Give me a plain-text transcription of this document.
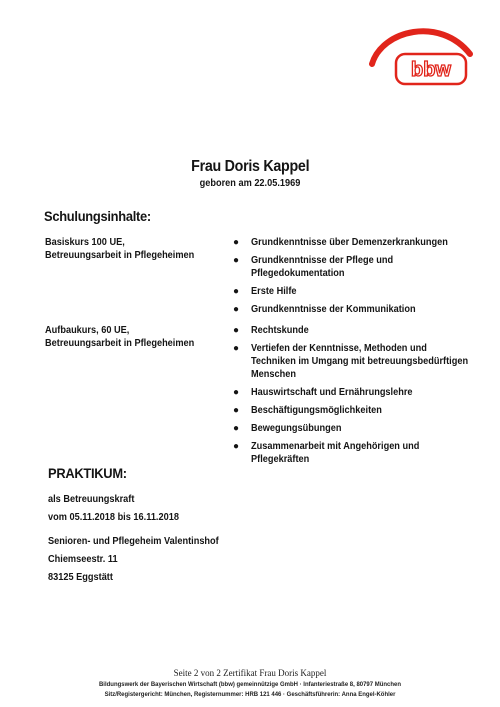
bbw
Frau Doris Kappel
geboren am 22.05.1969
Schulungsinhalte:
Basiskurs 100 UE, Betreuungsarbeit in Pflegeheimen
● Grundkenntnisse über Demenzerkrankungen
● Grundkenntnisse der Pflege und Pflegedokumentation
● Erste Hilfe
● Grundkenntnisse der Kommunikation
Aufbaukurs, 60 UE, Betreuungsarbeit in Pflegeheimen
● Rechtskunde
● Vertiefen der Kenntnisse, Methoden und Techniken im Umgang mit betreuungsbedürftigen Menschen
● Hauswirtschaft und Ernährungslehre
● Beschäftigungsmöglichkeiten
● Bewegungsübungen
● Zusammenarbeit mit Angehörigen und Pflegekräften
PRAKTIKUM:
als Betreuungskraft
vom 05.11.2018 bis 16.11.2018
Senioren- und Pflegeheim Valentinshof
Chiemseestr. 11
83125 Eggstätt
Seite 2 von 2 Zertifikat Frau Doris Kappel
Bildungswerk der Bayerischen Wirtschaft (bbw) gemeinnützige GmbH · Infanteriestraße 8, 80797 München
Sitz/Registergericht: München, Registernummer: HRB 121 446 · Geschäftsführerin: Anna Engel-Köhler
